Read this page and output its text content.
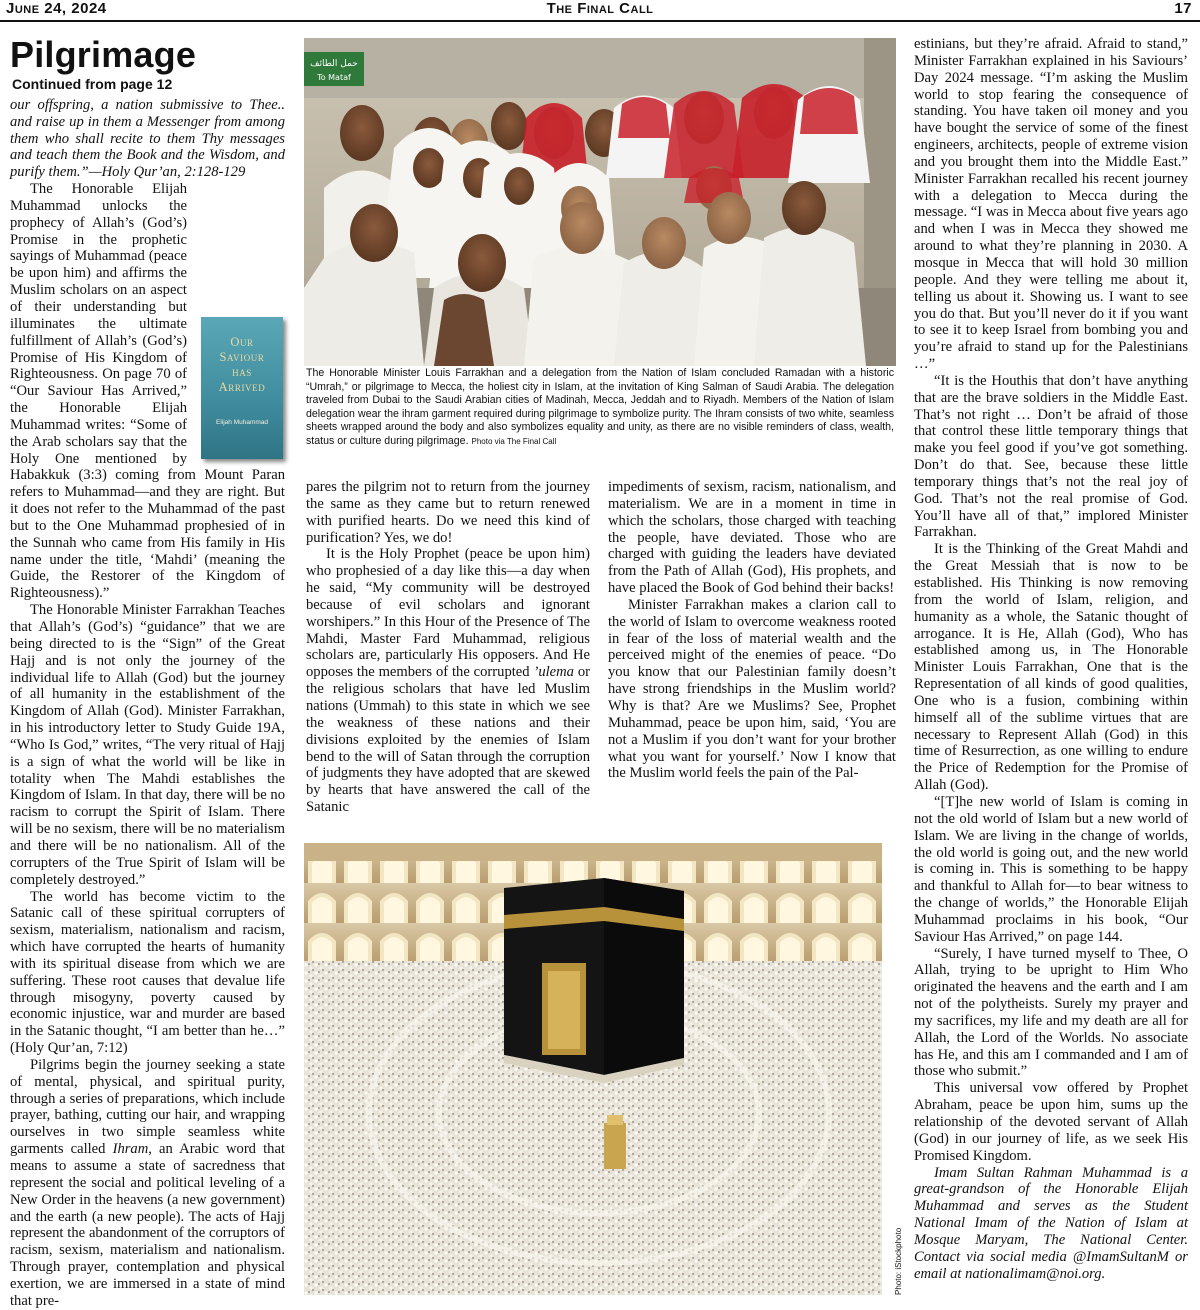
June 24, 2024	The Final Call	17
Pilgrimage
Continued from page 12

our offspring, a nation submissive to Thee.. and raise up in them a Messenger from among them who shall recite to them Thy messages and teach them the Book and the Wisdom, and purify them.”—Holy Qur’an, 2:128-129

Our
Saviour
has
Arrived
Elijah Muhammad

The Honorable Elijah Muhammad unlocks the prophecy of Allah’s (God’s) Promise in the prophetic sayings of Muhammad (peace be upon him) and affirms the Muslim scholars on an aspect of their understanding but illuminates the ultimate fulfillment of Allah’s (God’s) Promise of His Kingdom of Righteousness. On page 70 of “Our Saviour Has Arrived,” the Honorable Elijah Muhammad writes: “Some of the Arab scholars say that the Holy One mentioned by Habakkuk (3:3) coming from Mount Paran refers to Muhammad—and they are right. But it does not refer to the Muhammad of the past but to the One Muhammad prophesied of in the Sunnah who came from His family in His name under the title, ‘Mahdi’ (meaning the Guide, the Restorer of the Kingdom of Righteousness).”

The Honorable Minister Farrakhan Teaches that Allah’s (God’s) “guidance” that we are being directed to is the “Sign” of the Great Hajj and is not only the journey of the individual life to Allah (God) but the journey of all humanity in the establishment of the Kingdom of Allah (God). Minister Farrakhan, in his introductory letter to Study Guide 19A, “Who Is God,” writes, “The very ritual of Hajj is a sign of what the world will be like in totality when The Mahdi establishes the Kingdom of Islam. In that day, there will be no racism to corrupt the Spirit of Islam. There will be no sexism, there will be no materialism and there will be no nationalism. All of the corrupters of the True Spirit of Islam will be completely destroyed.”

The world has become victim to the Satanic call of these spiritual corrupters of sexism, materialism, nationalism and racism, which have corrupted the hearts of humanity with its spiritual disease from which we are suffering. These root causes that devalue life through misogyny, poverty caused by economic injustice, war and murder are based in the Satanic thought, “I am better than he…” (Holy Qur’an, 7:12)

Pilgrims begin the journey seeking a state of mental, physical, and spiritual purity, through a series of preparations, which include prayer, bathing, cutting our hair, and wrapping ourselves in two simple seamless white garments called Ihram, an Arabic word that means to assume a state of sacredness that represent the social and political leveling of a New Order in the heavens (a new government) and the earth (a new people). The acts of Hajj represent the abandonment of the corruptors of racism, sexism, materialism and nationalism. Through prayer, contemplation and physical exertion, we are immersed in a state of mind that pre-

حمل الطائف
To Mataf
The Honorable Minister Louis Farrakhan and a delegation from the Nation of Islam concluded Ramadan with a historic “Umrah,” or pilgrimage to Mecca, the holiest city in Islam, at the invitation of King Salman of Saudi Arabia. The delegation traveled from Dubai to the Saudi Arabian cities of Madinah, Mecca, Jeddah and to Riyadh. Members of the Nation of Islam delegation wear the ihram garment required during pilgrimage to symbolize purity. The Ihram consists of two white, seamless sheets wrapped around the body and also symbolizes equality and unity, as there are no visible reminders of class, wealth, status or culture during pilgrimage. Photo via The Final Call

pares the pilgrim not to return from the journey the same as they came but to return renewed with purified hearts. Do we need this kind of purification? Yes, we do!

It is the Holy Prophet (peace be upon him) who prophesied of a day like this—a day when he said, “My community will be destroyed because of evil scholars and ignorant worshipers.” In this Hour of the Presence of The Mahdi, Master Fard Muhammad, religious scholars are, particularly His opposers. And He opposes the members of the corrupted ’ulema or the religious scholars that have led Muslim nations (Ummah) to this state in which we see the weakness of these nations and their divisions exploited by the enemies of Islam bend to the will of Satan through the corruption of judgments they have adopted that are skewed by hearts that have answered the call of the Satanic

impediments of sexism, racism, nationalism, and materialism. We are in a moment in time in which the scholars, those charged with teaching the people, have deviated. Those who are charged with guiding the leaders have deviated from the Path of Allah (God), His prophets, and have placed the Book of God behind their backs!

Minister Farrakhan makes a clarion call to the world of Islam to overcome weakness rooted in fear of the loss of material wealth and the perceived might of the enemies of peace. “Do you know that our Palestinian family doesn’t have strong friendships in the Muslim world? Why is that? Are we Muslims? See, Prophet Muhammad, peace be upon him, said, ‘You are not a Muslim if you don’t want for your brother what you want for yourself.’ Now I know that the Muslim world feels the pain of the Pal-

Photo: iStockphoto

estinians, but they’re afraid. Afraid to stand,” Minister Farrakhan explained in his Saviours’ Day 2024 message. “I’m asking the Muslim world to stop fearing the consequence of standing. You have taken oil money and you have bought the service of some of the finest engineers, architects, people of extreme vision and you brought them into the Middle East.” Minister Farrakhan recalled his recent journey with a delegation to Mecca during the message. “I was in Mecca about five years ago and when I was in Mecca they showed me around to what they’re planning in 2030. A mosque in Mecca that will hold 30 million people. And they were telling me about it, telling us about it. Showing us. I want to see you do that. But you’ll never do it if you want to see it to keep Israel from bombing you and you’re afraid to stand up for the Palestinians …”

“It is the Houthis that don’t have anything that are the brave soldiers in the Middle East. That’s not right … Don’t be afraid of those that control these little temporary things that make you feel good if you’ve got something. Don’t do that. See, because these little temporary things that’s not the real joy of God. That’s not the real promise of God. You’ll have all of that,” implored Minister Farrakhan.

It is the Thinking of the Great Mahdi and the Great Messiah that is now to be established. His Thinking is now removing from the world of Islam, religion, and humanity as a whole, the Satanic thought of arrogance. It is He, Allah (God), Who has established among us, in The Honorable Minister Louis Farrakhan, One that is the Representation of all kinds of good qualities, One who is a fusion, combining within himself all of the sublime virtues that are necessary to Represent Allah (God) in this time of Resurrection, as one willing to endure the Price of Redemption for the Promise of Allah (God).

“[T]he new world of Islam is coming in not the old world of Islam but a new world of Islam. We are living in the change of worlds, the old world is going out, and the new world is coming in. This is something to be happy and thankful to Allah for—to bear witness to the change of worlds,” the Honorable Elijah Muhammad proclaims in his book, “Our Saviour Has Arrived,” on page 144.

“Surely, I have turned myself to Thee, O Allah, trying to be upright to Him Who originated the heavens and the earth and I am not of the polytheists. Surely my prayer and my sacrifices, my life and my death are all for Allah, the Lord of the Worlds. No associate has He, and this am I commanded and I am of those who submit.”

This universal vow offered by Prophet Abraham, peace be upon him, sums up the relationship of the devoted servant of Allah (God) in our journey of life, as we seek His Promised Kingdom.

Imam Sultan Rahman Muhammad is a great-grandson of the Honorable Elijah Muhammad and serves as the Student National Imam of the Nation of Islam at Mosque Maryam, The National Center. Contact via social media @ImamSultanM or email at nationalimam@noi.org.
